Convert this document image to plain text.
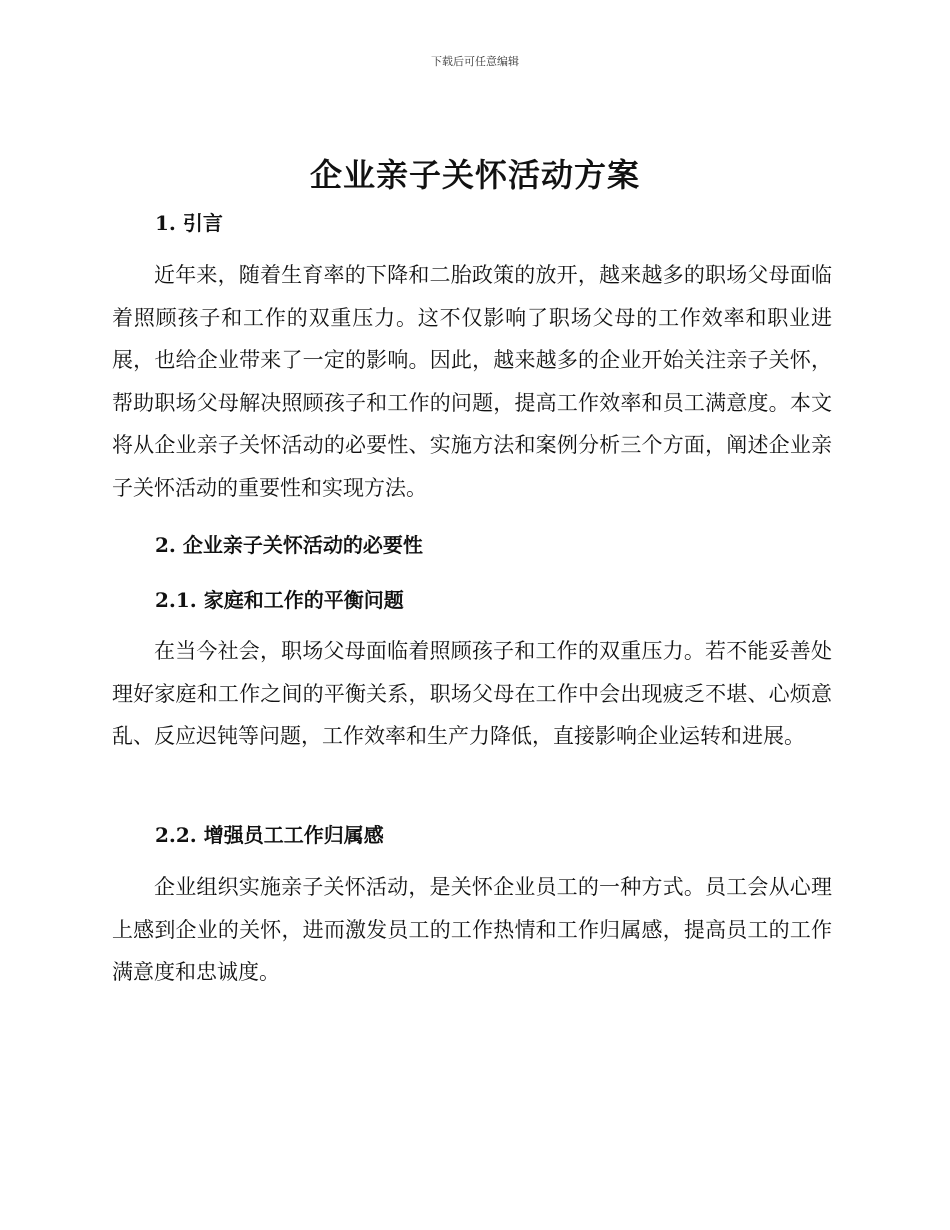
下载后可任意编辑
企业亲子关怀活动方案
1. 引言
近年来，随着生育率的下降和二胎政策的放开，越来越多的职场父母面临着照顾孩子和工作的双重压力。这不仅影响了职场父母的工作效率和职业进展，也给企业带来了一定的影响。因此，越来越多的企业开始关注亲子关怀，帮助职场父母解决照顾孩子和工作的问题，提高工作效率和员工满意度。本文将从企业亲子关怀活动的必要性、实施方法和案例分析三个方面，阐述企业亲子关怀活动的重要性和实现方法。
2. 企业亲子关怀活动的必要性
2.1. 家庭和工作的平衡问题
在当今社会，职场父母面临着照顾孩子和工作的双重压力。若不能妥善处理好家庭和工作之间的平衡关系，职场父母在工作中会出现疲乏不堪、心烦意乱、反应迟钝等问题，工作效率和生产力降低，直接影响企业运转和进展。
2.2. 增强员工工作归属感
企业组织实施亲子关怀活动，是关怀企业员工的一种方式。员工会从心理上感到企业的关怀，进而激发员工的工作热情和工作归属感，提高员工的工作满意度和忠诚度。
